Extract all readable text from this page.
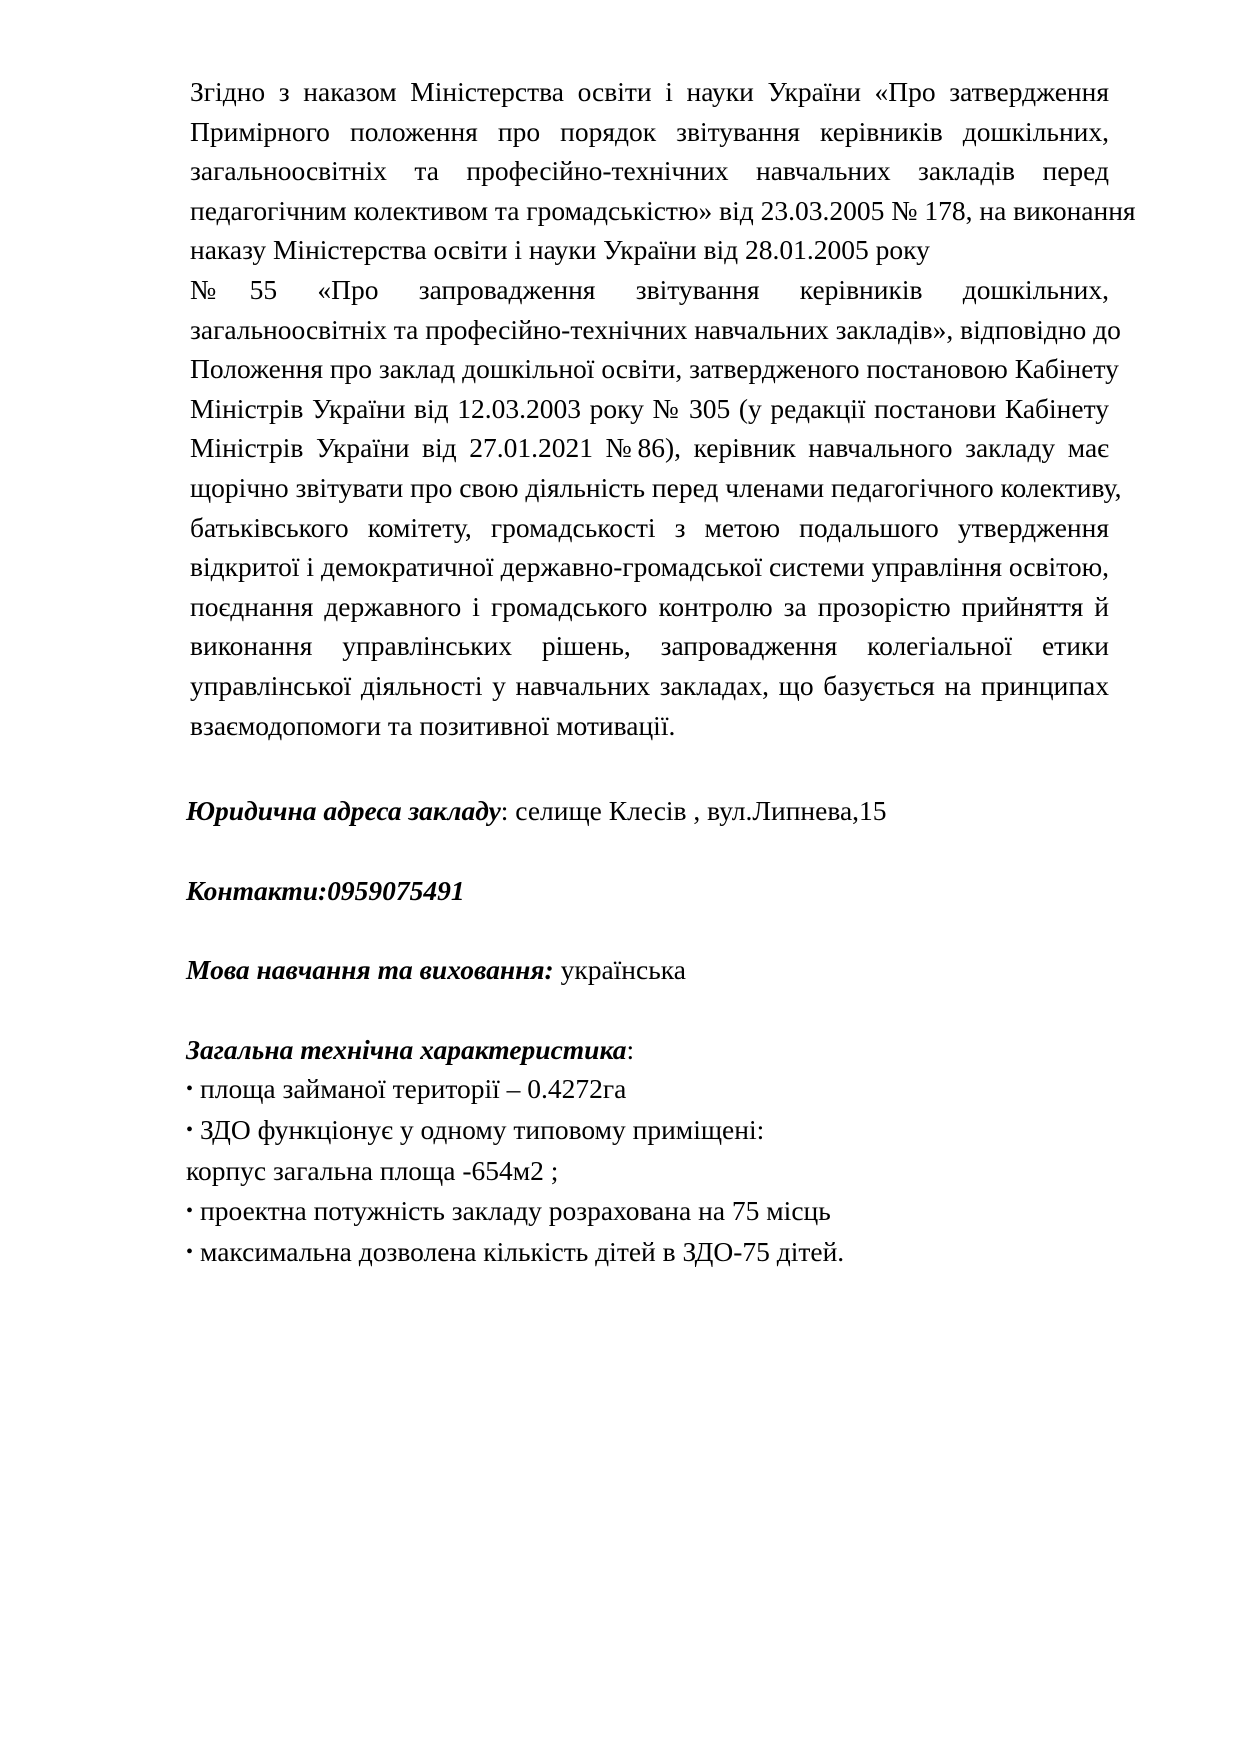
Згідно з наказом Міністерства освіти і науки України «Про затвердження
Примірного положення про порядок звітування керівників дошкільних,
загальноосвітніх та професійно-технічних навчальних закладів перед
педагогічним колективом та громадськістю» від 23.03.2005 № 178, на виконання
наказу Міністерства освіти і науки України від 28.01.2005 року
№55 «Про запровадження звітування керівників дошкільних,
загальноосвітніх та професійно-технічних навчальних закладів», відповідно до
Положення про заклад дошкільної освіти, затвердженого постановою Кабінету
Міністрів України від 12.03.2003 року № 305 (у редакції постанови Кабінету
Міністрів України від 27.01.2021 №86), керівник навчального закладу має
щорічно звітувати про свою діяльність перед членами педагогічного колективу,
батьківського комітету, громадськості з метою подальшого утвердження
відкритої і демократичної державно-громадської системи управління освітою,
поєднання державного і громадського контролю за прозорістю прийняття й
виконання управлінських рішень, запровадження колегіальної етики
управлінської діяльності у навчальних закладах, що базується на принципах
взаємодопомоги та позитивної мотивації.
Юридична адреса закладу: селище Клесів , вул.Липнева,15
Контакти:0959075491
Мова навчання та виховання: українська
Загальна технічна характеристика:
• площа займаної території – 0.4272га
• ЗДО функціонує у одному типовому приміщені:
корпус загальна площа -654м2 ;
• проектна потужність закладу розрахована на 75 місць
• максимальна дозволена кількість дітей в ЗДО-75 дітей.
